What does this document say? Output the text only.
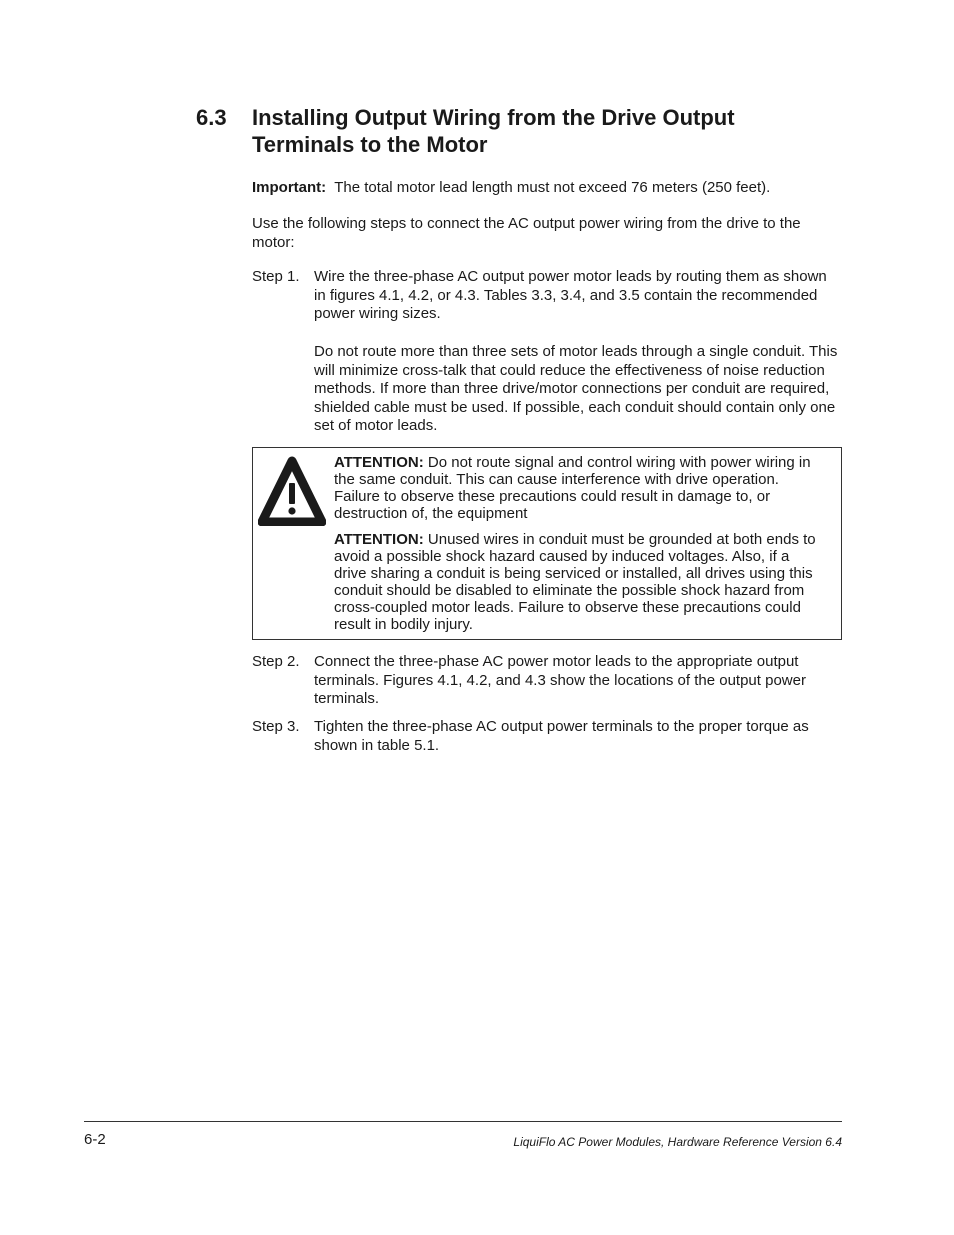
6.3 Installing Output Wiring from the Drive Output Terminals to the Motor
Important: The total motor lead length must not exceed 76 meters (250 feet).
Use the following steps to connect the AC output power wiring from the drive to the motor:
Step 1. Wire the three-phase AC output power motor leads by routing them as shown in figures 4.1, 4.2, or 4.3. Tables 3.3, 3.4, and 3.5 contain the recommended power wiring sizes.
Do not route more than three sets of motor leads through a single conduit. This will minimize cross-talk that could reduce the effectiveness of noise reduction methods. If more than three drive/motor connections per conduit are required, shielded cable must be used. If possible, each conduit should contain only one set of motor leads.
ATTENTION: Do not route signal and control wiring with power wiring in the same conduit. This can cause interference with drive operation. Failure to observe these precautions could result in damage to, or destruction of, the equipment
ATTENTION: Unused wires in conduit must be grounded at both ends to avoid a possible shock hazard caused by induced voltages. Also, if a drive sharing a conduit is being serviced or installed, all drives using this conduit should be disabled to eliminate the possible shock hazard from cross-coupled motor leads. Failure to observe these precautions could result in bodily injury.
Step 2. Connect the three-phase AC power motor leads to the appropriate output terminals. Figures 4.1, 4.2, and 4.3 show the locations of the output power terminals.
Step 3. Tighten the three-phase AC output power terminals to the proper torque as shown in table 5.1.
6-2	LiquiFlo AC Power Modules, Hardware Reference Version 6.4
